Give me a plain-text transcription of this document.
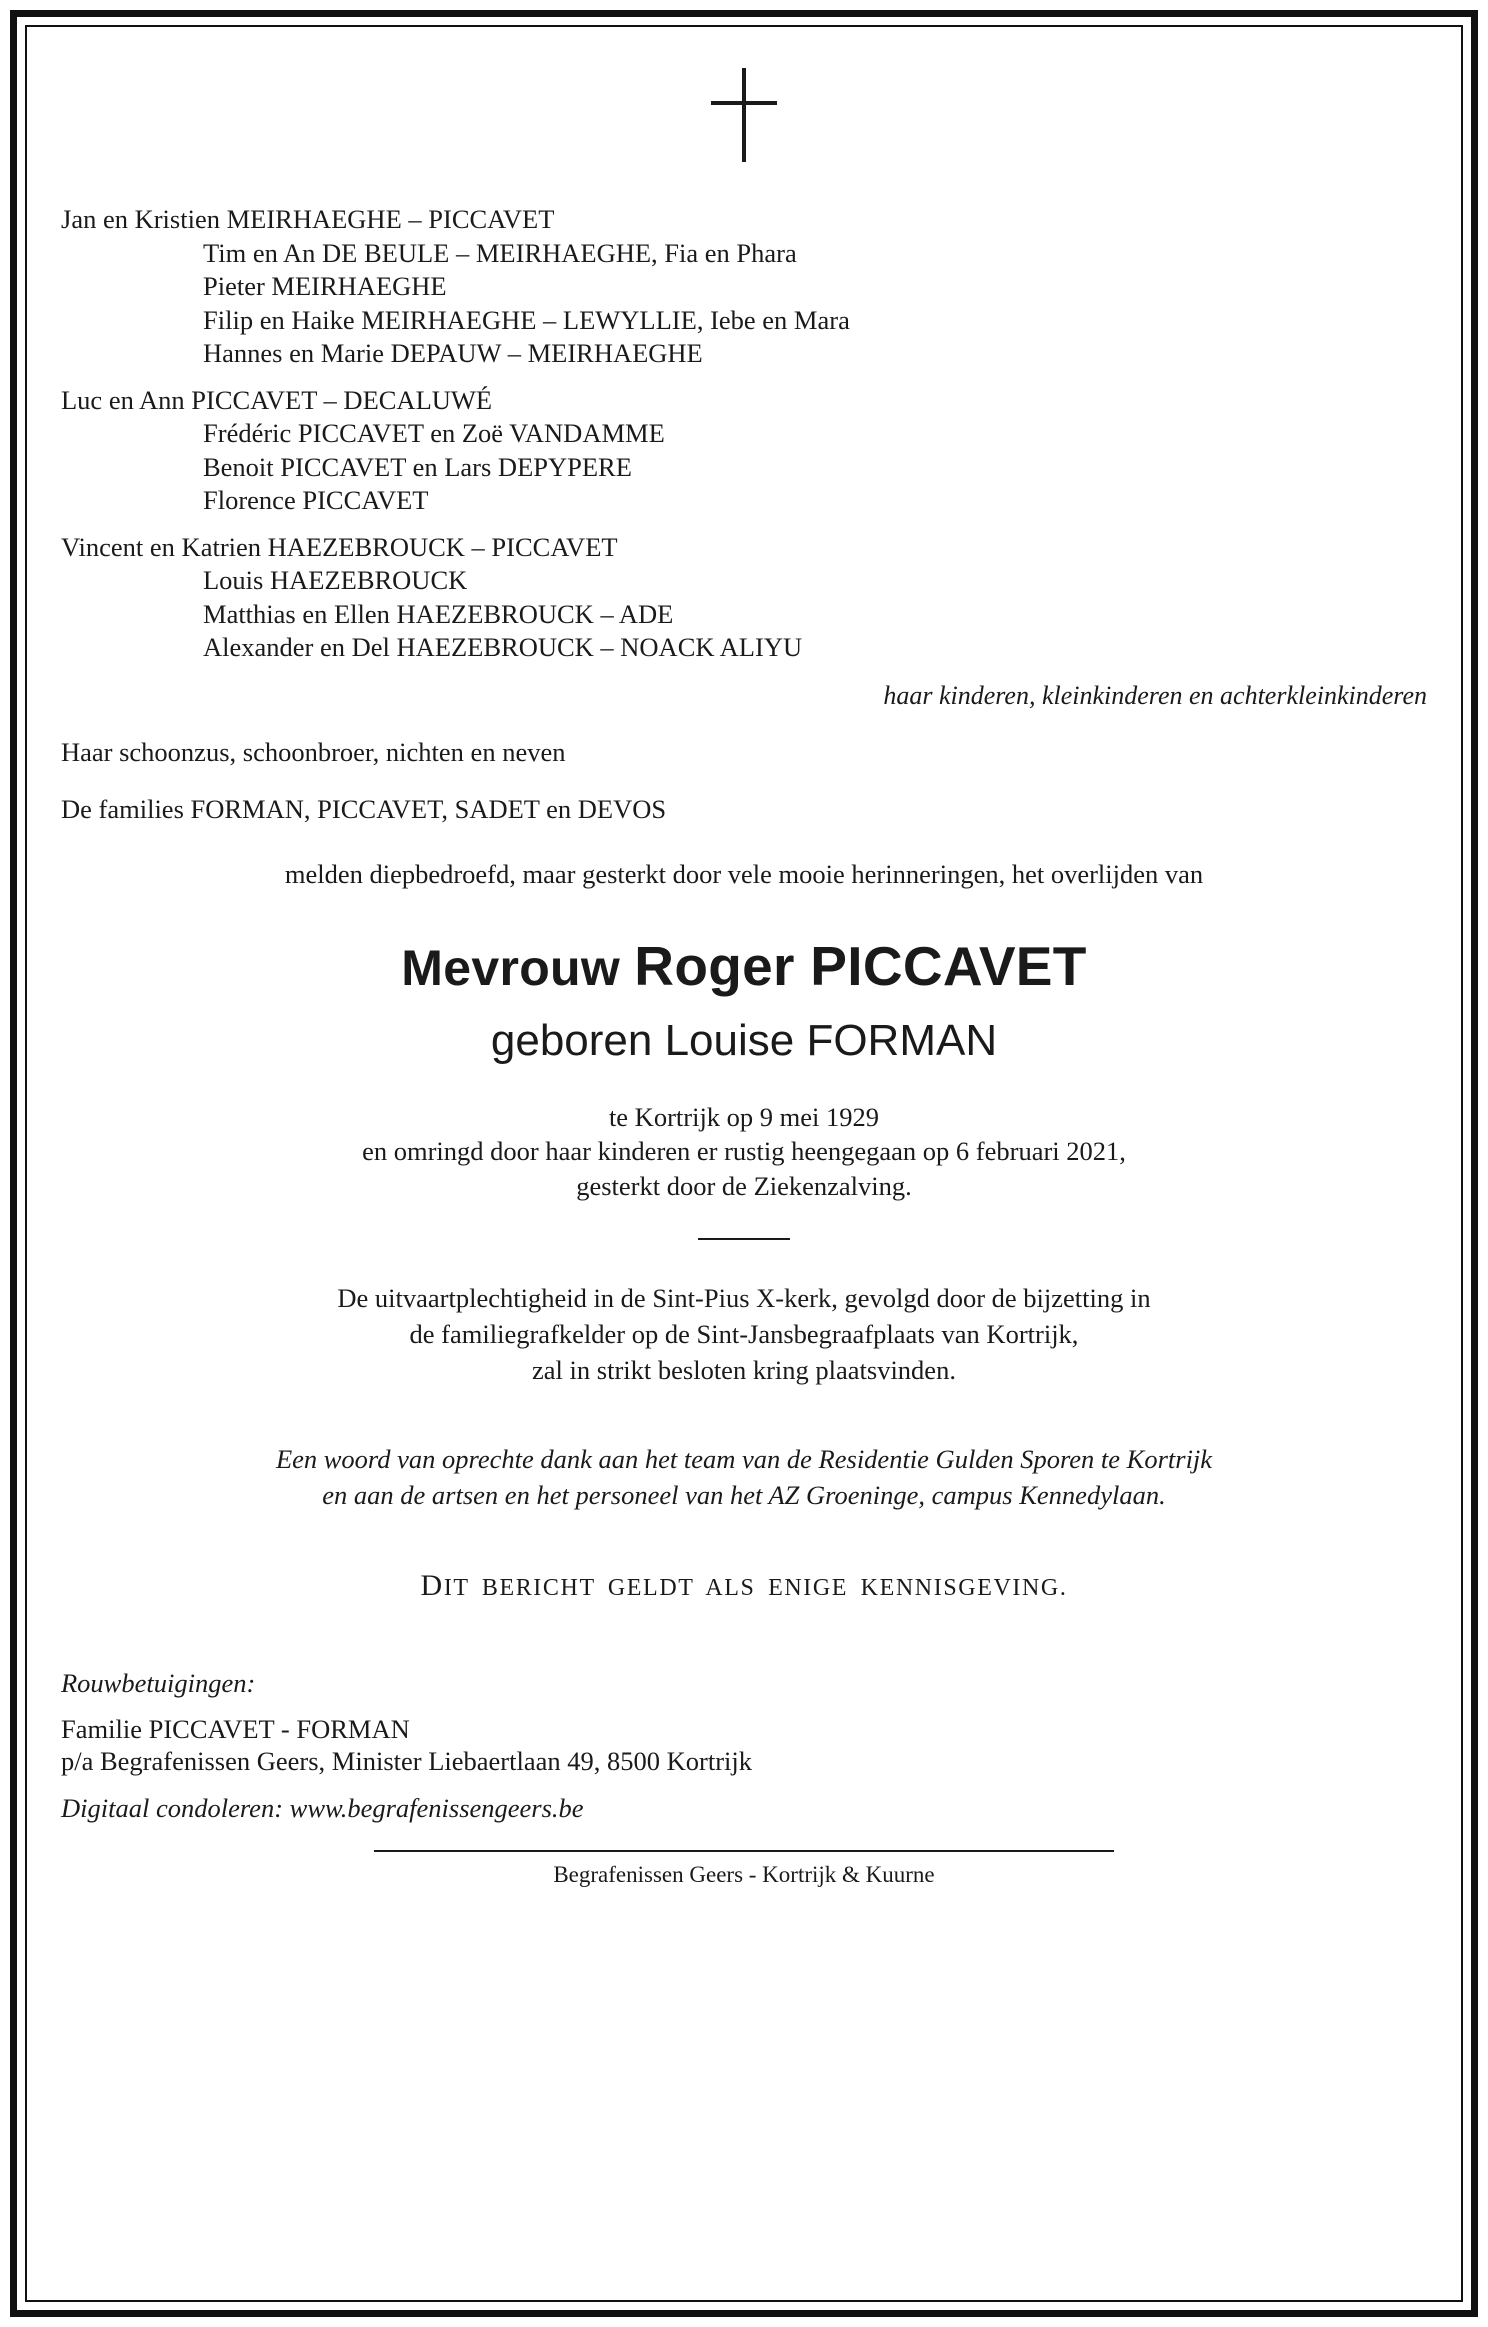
Jan en Kristien MEIRHAEGHE – PICCAVET
Tim en An DE BEULE – MEIRHAEGHE, Fia en Phara
Pieter MEIRHAEGHE
Filip en Haike MEIRHAEGHE – LEWYLLIE, Iebe en Mara
Hannes en Marie DEPAUW – MEIRHAEGHE
Luc en Ann PICCAVET – DECALUWÉ
Frédéric PICCAVET en Zoë VANDAMME
Benoit PICCAVET en Lars DEPYPERE
Florence PICCAVET
Vincent en Katrien HAEZEBROUCK – PICCAVET
Louis HAEZEBROUCK
Matthias en Ellen HAEZEBROUCK – ADE
Alexander en Del HAEZEBROUCK – NOACK ALIYU
haar kinderen, kleinkinderen en achterkleinkinderen
Haar schoonzus, schoonbroer, nichten en neven
De families FORMAN, PICCAVET, SADET en DEVOS
melden diepbedroefd, maar gesterkt door vele mooie herinneringen, het overlijden van
Mevrouw Roger PICCAVET
geboren Louise FORMAN
te Kortrijk op 9 mei 1929
en omringd door haar kinderen er rustig heengegaan op 6 februari 2021,
gesterkt door de Ziekenzalving.
De uitvaartplechtigheid in de Sint-Pius X-kerk, gevolgd door de bijzetting in
de familiegrafkelder op de Sint-Jansbegraafplaats van Kortrijk,
zal in strikt besloten kring plaatsvinden.
Een woord van oprechte dank aan het team van de Residentie Gulden Sporen te Kortrijk
en aan de artsen en het personeel van het AZ Groeninge, campus Kennedylaan.
DIT BERICHT GELDT ALS ENIGE KENNISGEVING.
Rouwbetuigingen:
Familie PICCAVET - FORMAN
p/a Begrafenissen Geers, Minister Liebaertlaan 49, 8500 Kortrijk
Digitaal condoleren: www.begrafenissengeers.be
Begrafenissen Geers - Kortrijk & Kuurne
